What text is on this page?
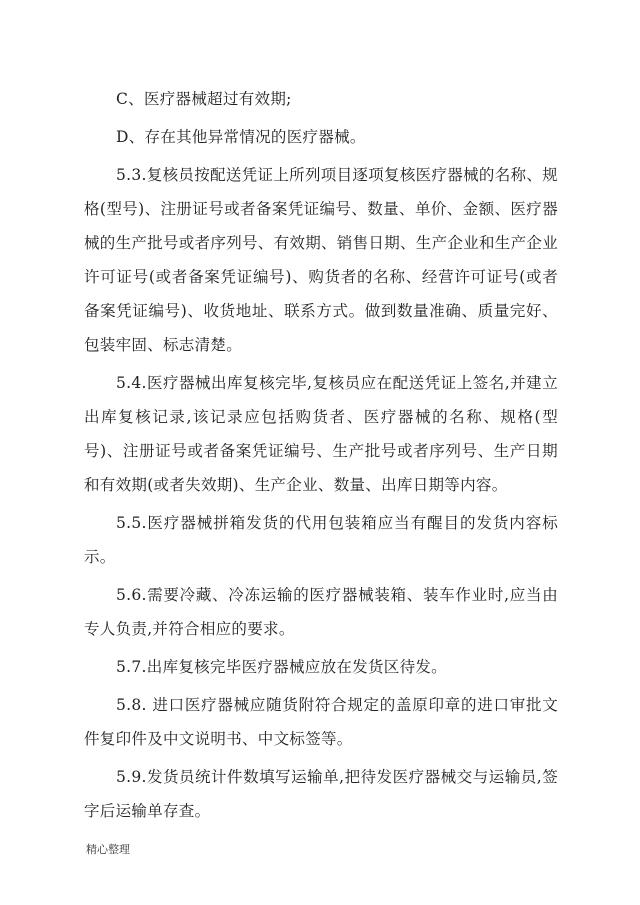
C、医疗器械超过有效期;

D、存在其他异常情况的医疗器械。

5.3.复核员按配送凭证上所列项目逐项复核医疗器械的名称、规格(型号)、注册证号或者备案凭证编号、数量、单价、金额、医疗器械的生产批号或者序列号、有效期、销售日期、生产企业和生产企业许可证号(或者备案凭证编号)、购货者的名称、经营许可证号(或者备案凭证编号)、收货地址、联系方式。做到数量准确、质量完好、包装牢固、标志清楚。

5.4.医疗器械出库复核完毕,复核员应在配送凭证上签名,并建立出库复核记录,该记录应包括购货者、医疗器械的名称、规格(型号)、注册证号或者备案凭证编号、生产批号或者序列号、生产日期和有效期(或者失效期)、生产企业、数量、出库日期等内容。

5.5.医疗器械拼箱发货的代用包装箱应当有醒目的发货内容标示。

5.6.需要冷藏、冷冻运输的医疗器械装箱、装车作业时,应当由专人负责,并符合相应的要求。

5.7.出库复核完毕医疗器械应放在发货区待发。

5.8. 进口医疗器械应随货附符合规定的盖原印章的进口审批文件复印件及中文说明书、中文标签等。

5.9.发货员统计件数填写运输单,把待发医疗器械交与运输员,签字后运输单存查。

精心整理
